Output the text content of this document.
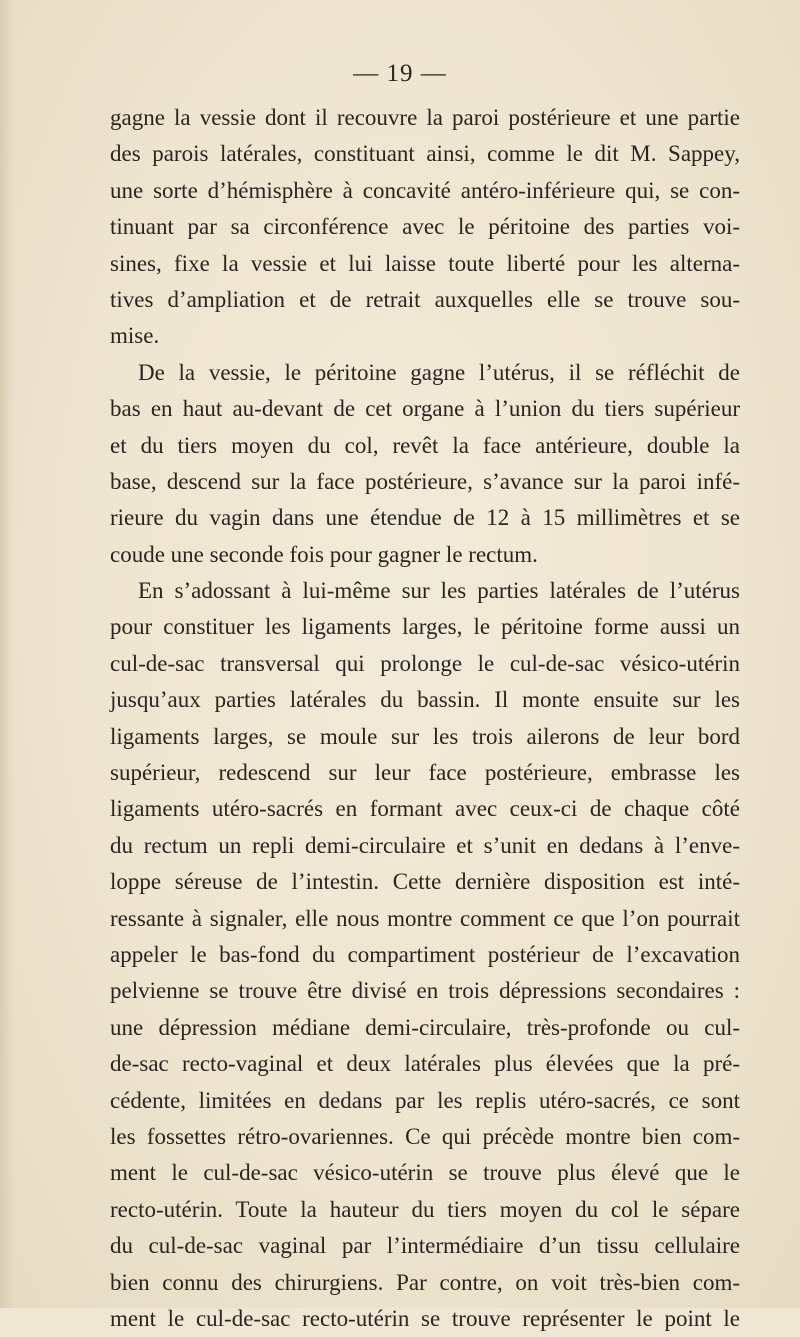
— 19 —
gagne la vessie dont il recouvre la paroi postérieure et une partie
des parois latérales, constituant ainsi, comme le dit M. Sappey,
une sorte d’hémisphère à concavité antéro-inférieure qui, se con-
tinuant par sa circonférence avec le péritoine des parties voi-
sines, fixe la vessie et lui laisse toute liberté pour les alterna-
tives d’ampliation et de retrait auxquelles elle se trouve sou-
mise.
De la vessie, le péritoine gagne l’utérus, il se réfléchit de
bas en haut au-devant de cet organe à l’union du tiers supérieur
et du tiers moyen du col, revêt la face antérieure, double la
base, descend sur la face postérieure, s’avance sur la paroi infé-
rieure du vagin dans une étendue de 12 à 15 millimètres et se
coude une seconde fois pour gagner le rectum.
En s’adossant à lui-même sur les parties latérales de l’utérus
pour constituer les ligaments larges, le péritoine forme aussi un
cul-de-sac transversal qui prolonge le cul-de-sac vésico-utérin
jusqu’aux parties latérales du bassin. Il monte ensuite sur les
ligaments larges, se moule sur les trois ailerons de leur bord
supérieur, redescend sur leur face postérieure, embrasse les
ligaments utéro-sacrés en formant avec ceux-ci de chaque côté
du rectum un repli demi-circulaire et s’unit en dedans à l’enve-
loppe séreuse de l’intestin. Cette dernière disposition est inté-
ressante à signaler, elle nous montre comment ce que l’on pourrait
appeler le bas-fond du compartiment postérieur de l’excavation
pelvienne se trouve être divisé en trois dépressions secondaires :
une dépression médiane demi-circulaire, très-profonde ou cul-
de-sac recto-vaginal et deux latérales plus élevées que la pré-
cédente, limitées en dedans par les replis utéro-sacrés, ce sont
les fossettes rétro-ovariennes. Ce qui précède montre bien com-
ment le cul-de-sac vésico-utérin se trouve plus élevé que le
recto-utérin. Toute la hauteur du tiers moyen du col le sépare
du cul-de-sac vaginal par l’intermédiaire d’un tissu cellulaire
bien connu des chirurgiens. Par contre, on voit très-bien com-
ment le cul-de-sac recto-utérin se trouve représenter le point le
